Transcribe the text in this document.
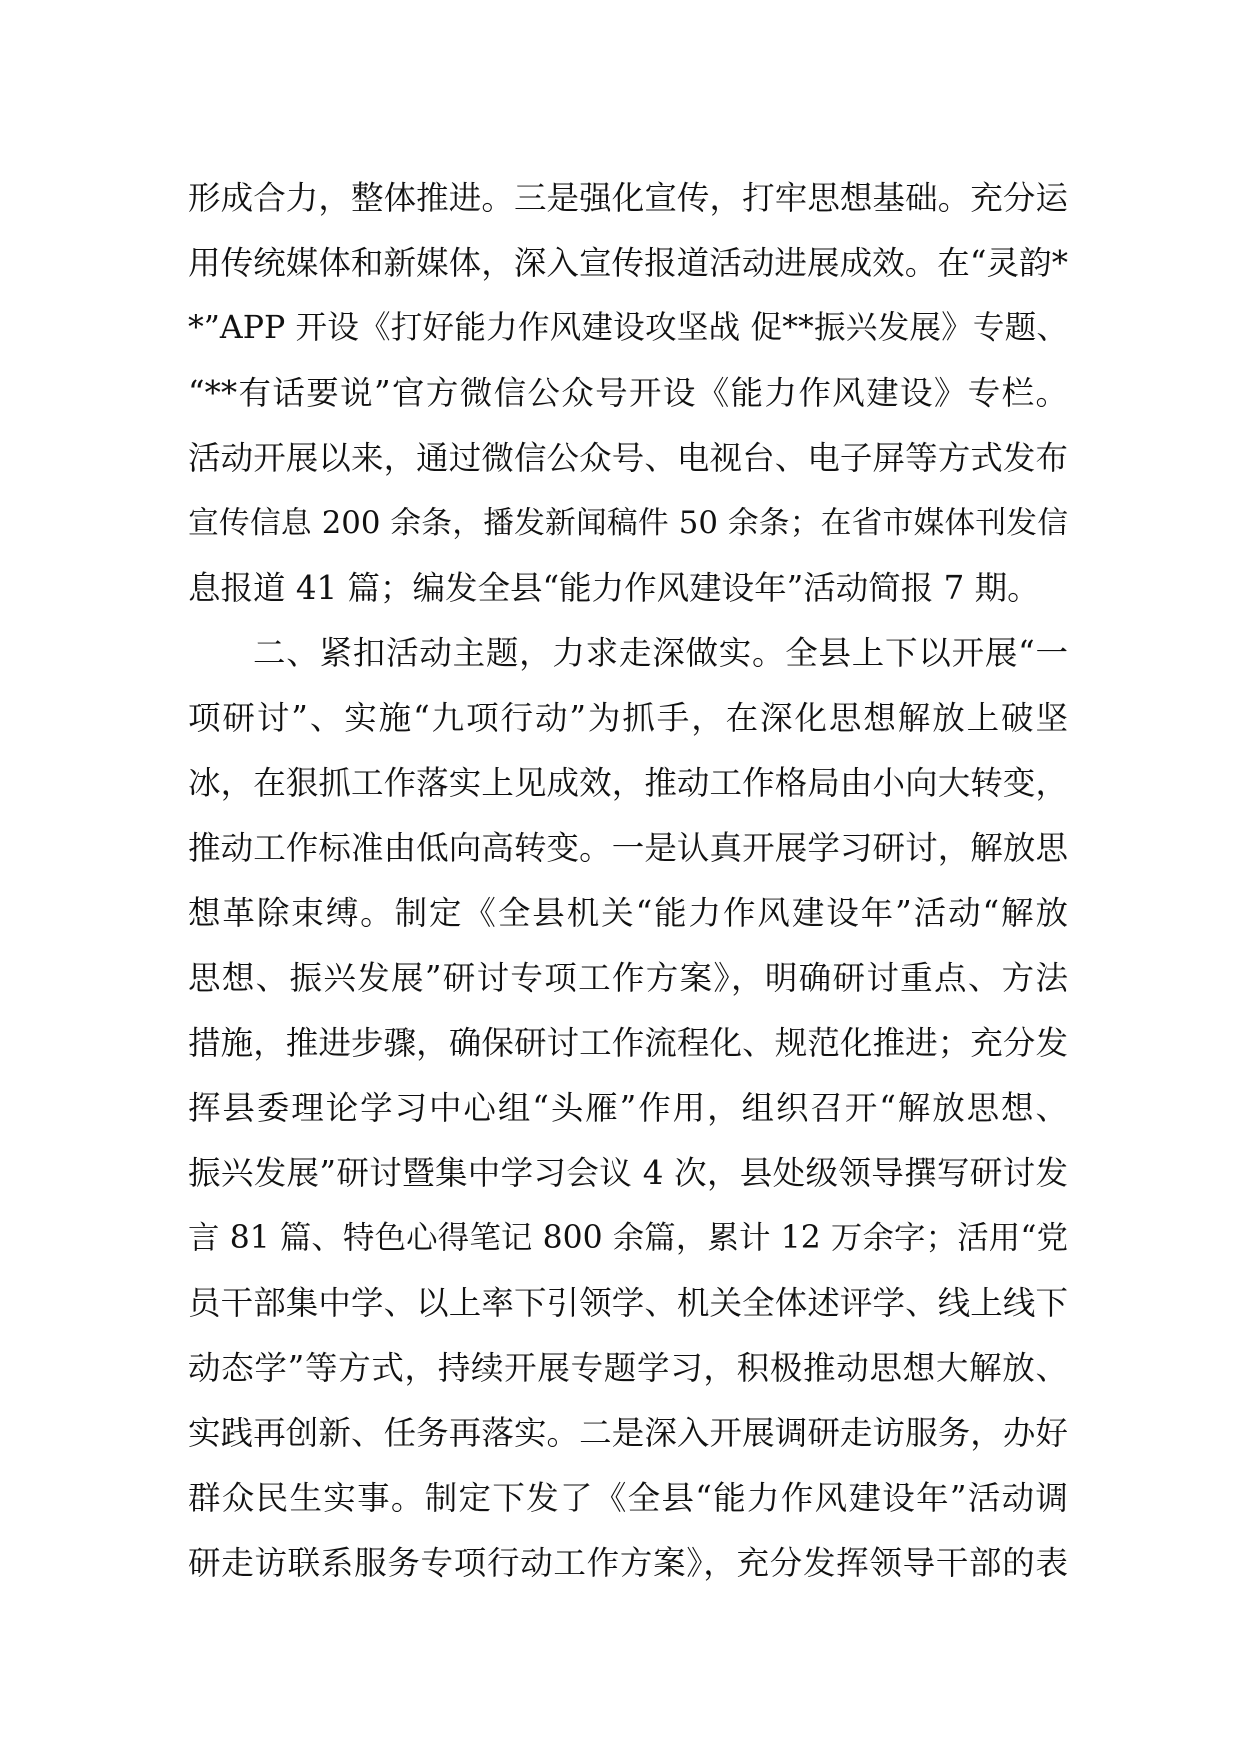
形成合力，整体推进。三是强化宣传，打牢思想基础。充分运
用传统媒体和新媒体，深入宣传报道活动进展成效。在“灵韵*
*”APP 开设《打好能力作风建设攻坚战 促**振兴发展》专题、
“**有话要说”官方微信公众号开设《能力作风建设》专栏。
活动开展以来，通过微信公众号、电视台、电子屏等方式发布
宣传信息 200 余条，播发新闻稿件 50 余条；在省市媒体刊发信
息报道 41 篇；编发全县“能力作风建设年”活动简报 7 期。
二、紧扣活动主题，力求走深做实。全县上下以开展“一
项研讨”、实施“九项行动”为抓手，在深化思想解放上破坚
冰，在狠抓工作落实上见成效，推动工作格局由小向大转变，
推动工作标准由低向高转变。一是认真开展学习研讨，解放思
想革除束缚。制定《全县机关“能力作风建设年”活动“解放
思想、振兴发展”研讨专项工作方案》，明确研讨重点、方法
措施，推进步骤，确保研讨工作流程化、规范化推进；充分发
挥县委理论学习中心组“头雁”作用，组织召开“解放思想、
振兴发展”研讨暨集中学习会议 4 次，县处级领导撰写研讨发
言 81 篇、特色心得笔记 800 余篇，累计 12 万余字；活用“党
员干部集中学、以上率下引领学、机关全体述评学、线上线下
动态学”等方式，持续开展专题学习，积极推动思想大解放、
实践再创新、任务再落实。二是深入开展调研走访服务，办好
群众民生实事。制定下发了《全县“能力作风建设年”活动调
研走访联系服务专项行动工作方案》，充分发挥领导干部的表
